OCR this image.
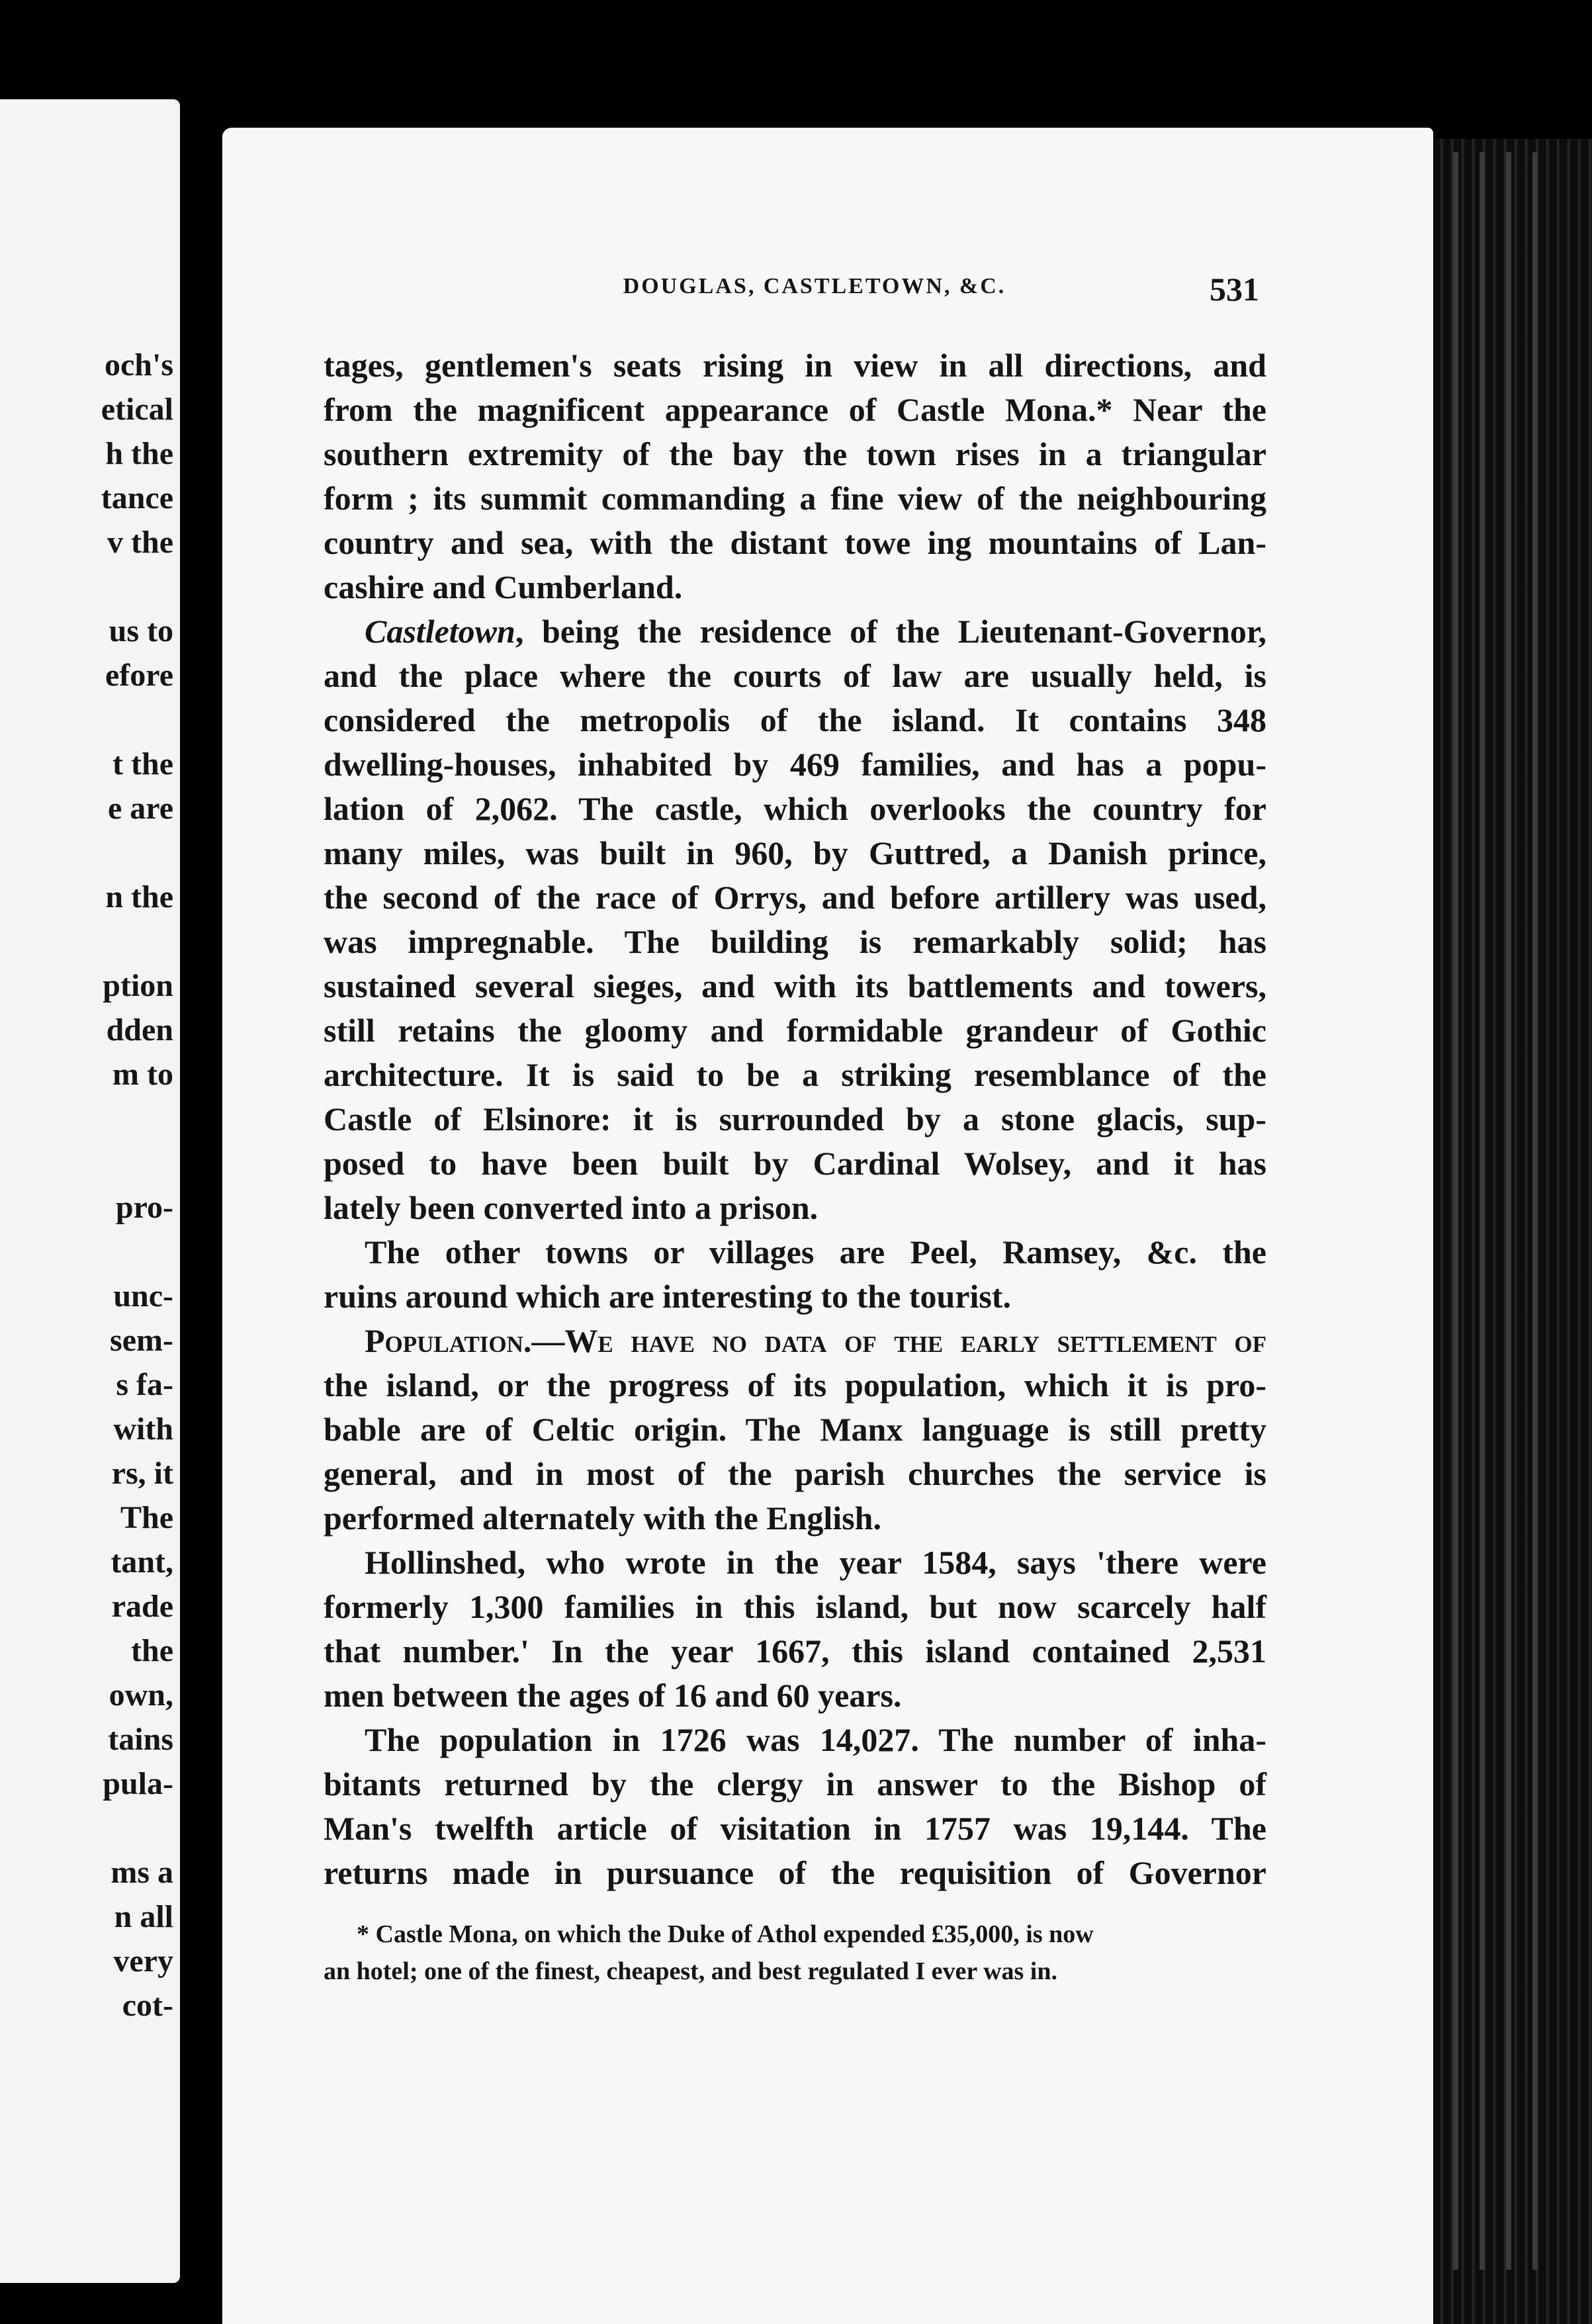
och's
etical
h the
tance
v the
us to
efore
t the
e are
n the
ption
dden
m to
pro-
unc-
sem-
s fa-
with
rs, it
The
tant,
rade
the
own,
tains
pula-
ms a
n all
very
cot-
DOUGLAS, CASTLETOWN, &C.	531
tages, gentlemen's seats rising in view in all directions, and
from the magnificent appearance of Castle Mona.* Near the
southern extremity of the bay the town rises in a triangular
form ; its summit commanding a fine view of the neighbouring
country and sea, with the distant towe ing mountains of Lan-
cashire and Cumberland.
Castletown, being the residence of the Lieutenant-Governor,
and the place where the courts of law are usually held, is
considered the metropolis of the island. It contains 348
dwelling-houses, inhabited by 469 families, and has a popu-
lation of 2,062. The castle, which overlooks the country for
many miles, was built in 960, by Guttred, a Danish prince,
the second of the race of Orrys, and before artillery was used,
was impregnable. The building is remarkably solid; has
sustained several sieges, and with its battlements and towers,
still retains the gloomy and formidable grandeur of Gothic
architecture. It is said to be a striking resemblance of the
Castle of Elsinore: it is surrounded by a stone glacis, sup-
posed to have been built by Cardinal Wolsey, and it has
lately been converted into a prison.
The other towns or villages are Peel, Ramsey, &c. the
ruins around which are interesting to the tourist.
Population.—We have no data of the early settlement of
the island, or the progress of its population, which it is pro-
bable are of Celtic origin. The Manx language is still pretty
general, and in most of the parish churches the service is
performed alternately with the English.
Hollinshed, who wrote in the year 1584, says 'there were
formerly 1,300 families in this island, but now scarcely half
that number.' In the year 1667, this island contained 2,531
men between the ages of 16 and 60 years.
The population in 1726 was 14,027. The number of inha-
bitants returned by the clergy in answer to the Bishop of
Man's twelfth article of visitation in 1757 was 19,144. The
returns made in pursuance of the requisition of Governor
* Castle Mona, on which the Duke of Athol expended £35,000, is now
an hotel; one of the finest, cheapest, and best regulated I ever was in.
